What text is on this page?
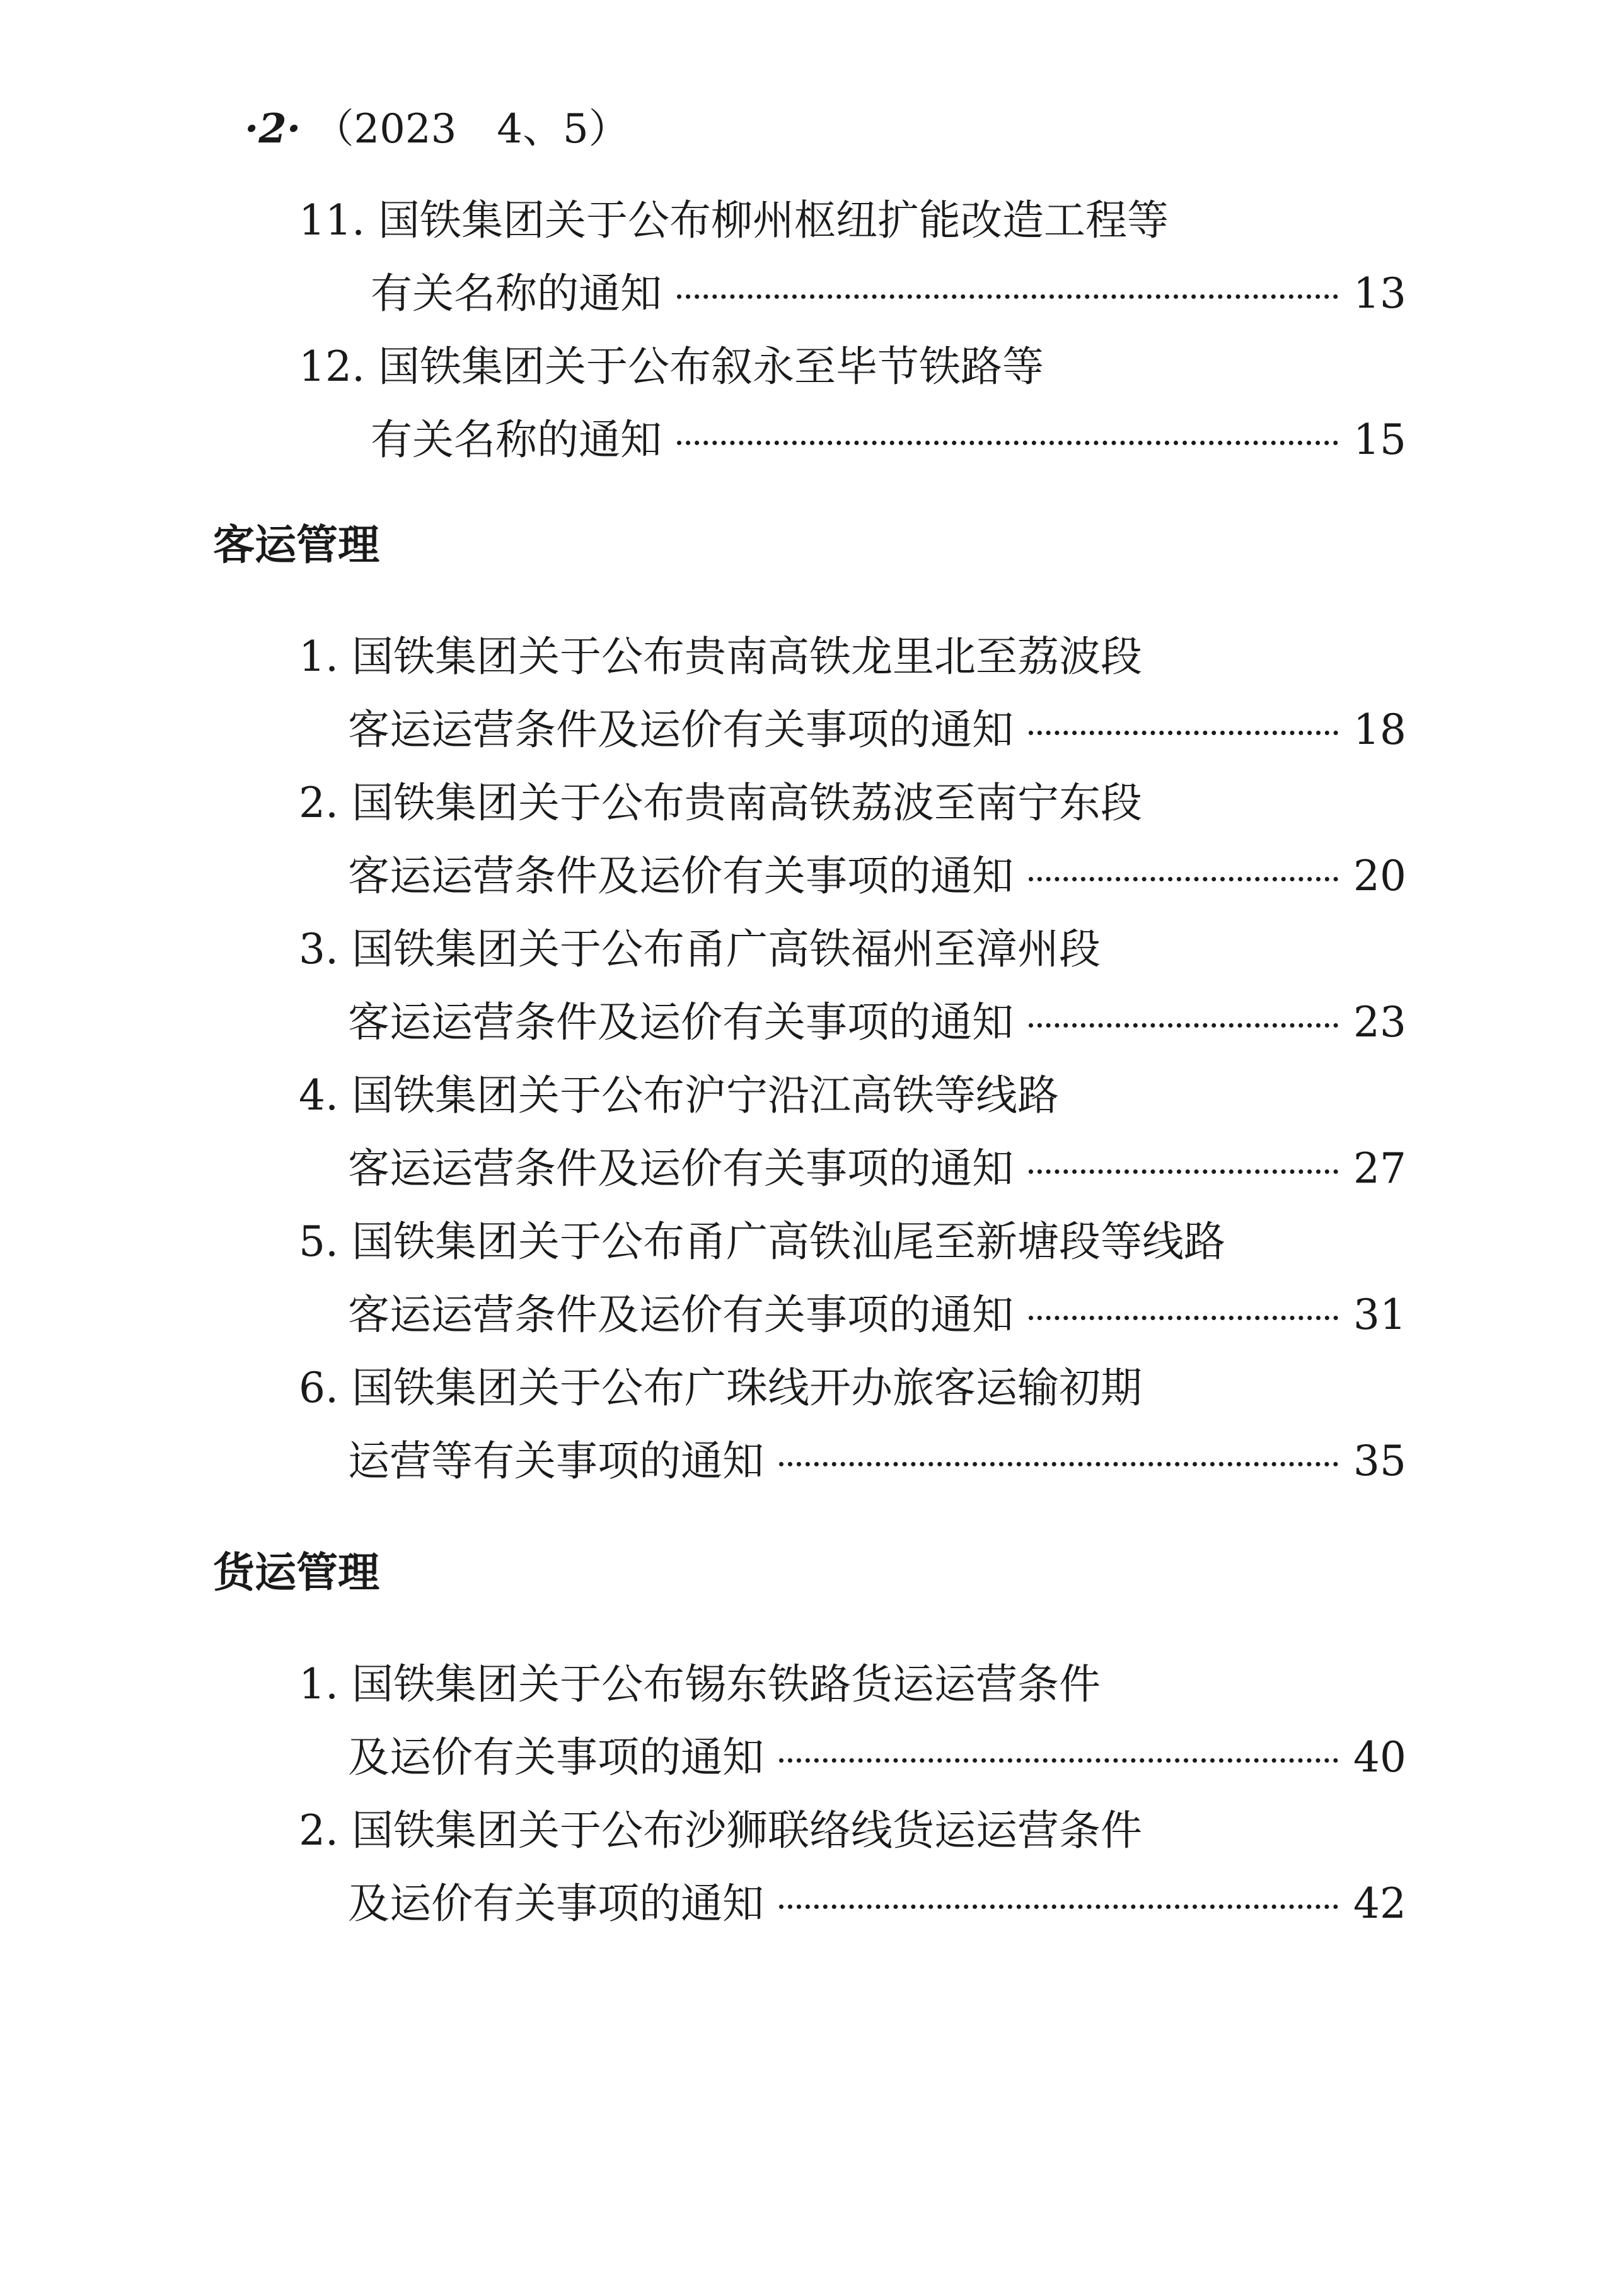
·2· （2023　4、5）
11. 国铁集团关于公布柳州枢纽扩能改造工程等
有关名称的通知	13
12. 国铁集团关于公布叙永至毕节铁路等
有关名称的通知	15
客运管理
1. 国铁集团关于公布贵南高铁龙里北至荔波段
客运运营条件及运价有关事项的通知	18
2. 国铁集团关于公布贵南高铁荔波至南宁东段
客运运营条件及运价有关事项的通知	20
3. 国铁集团关于公布甬广高铁福州至漳州段
客运运营条件及运价有关事项的通知	23
4. 国铁集团关于公布沪宁沿江高铁等线路
客运运营条件及运价有关事项的通知	27
5. 国铁集团关于公布甬广高铁汕尾至新塘段等线路
客运运营条件及运价有关事项的通知	31
6. 国铁集团关于公布广珠线开办旅客运输初期
运营等有关事项的通知	35
货运管理
1. 国铁集团关于公布锡东铁路货运运营条件
及运价有关事项的通知	40
2. 国铁集团关于公布沙狮联络线货运运营条件
及运价有关事项的通知	42
